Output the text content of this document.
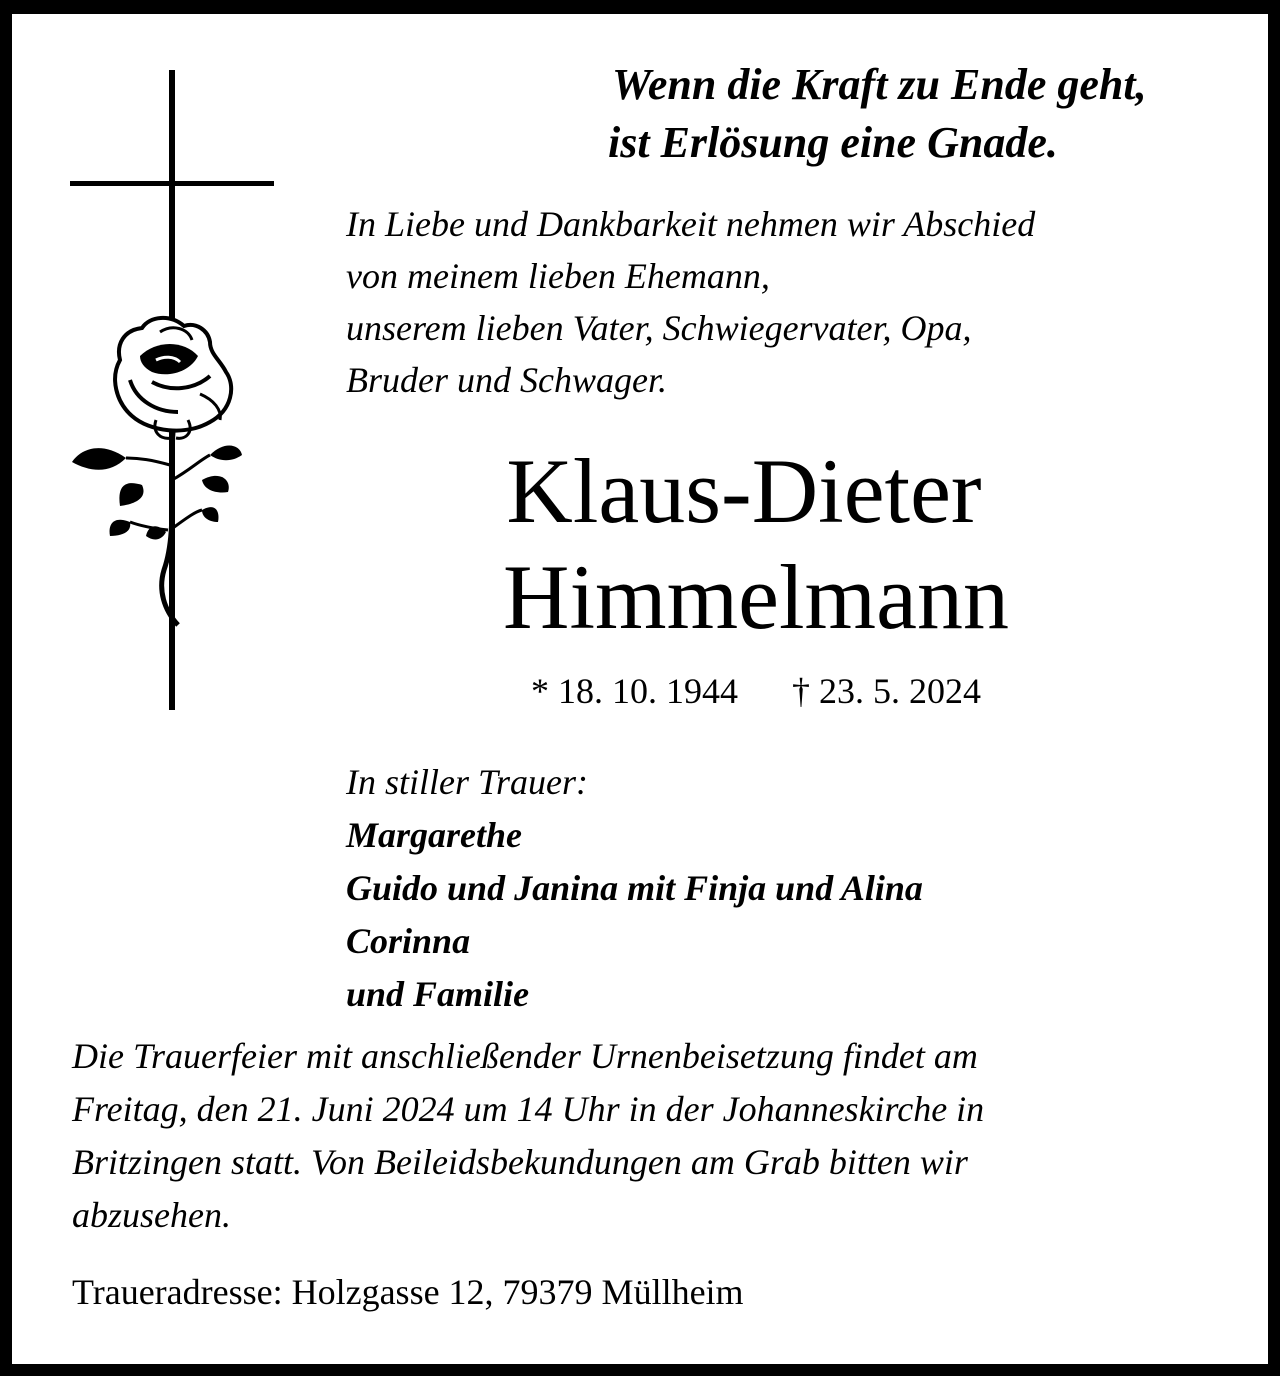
Wenn die Kraft zu Ende geht,
ist Erlösung eine Gnade.

In Liebe und Dankbarkeit nehmen wir Abschied
von meinem lieben Ehemann,
unserem lieben Vater, Schwiegervater, Opa,
Bruder und Schwager.

Klaus-Dieter
Himmelmann

* 18. 10. 1944 † 23. 5. 2024

In stiller Trauer:
Margarethe
Guido und Janina mit Finja und Alina
Corinna
und Familie

Die Trauerfeier mit anschließender Urnenbeisetzung findet am
Freitag, den 21. Juni 2024 um 14 Uhr in der Johanneskirche in
Britzingen statt. Von Beileidsbekundungen am Grab bitten wir
abzusehen.

Traueradresse: Holzgasse 12, 79379 Müllheim
